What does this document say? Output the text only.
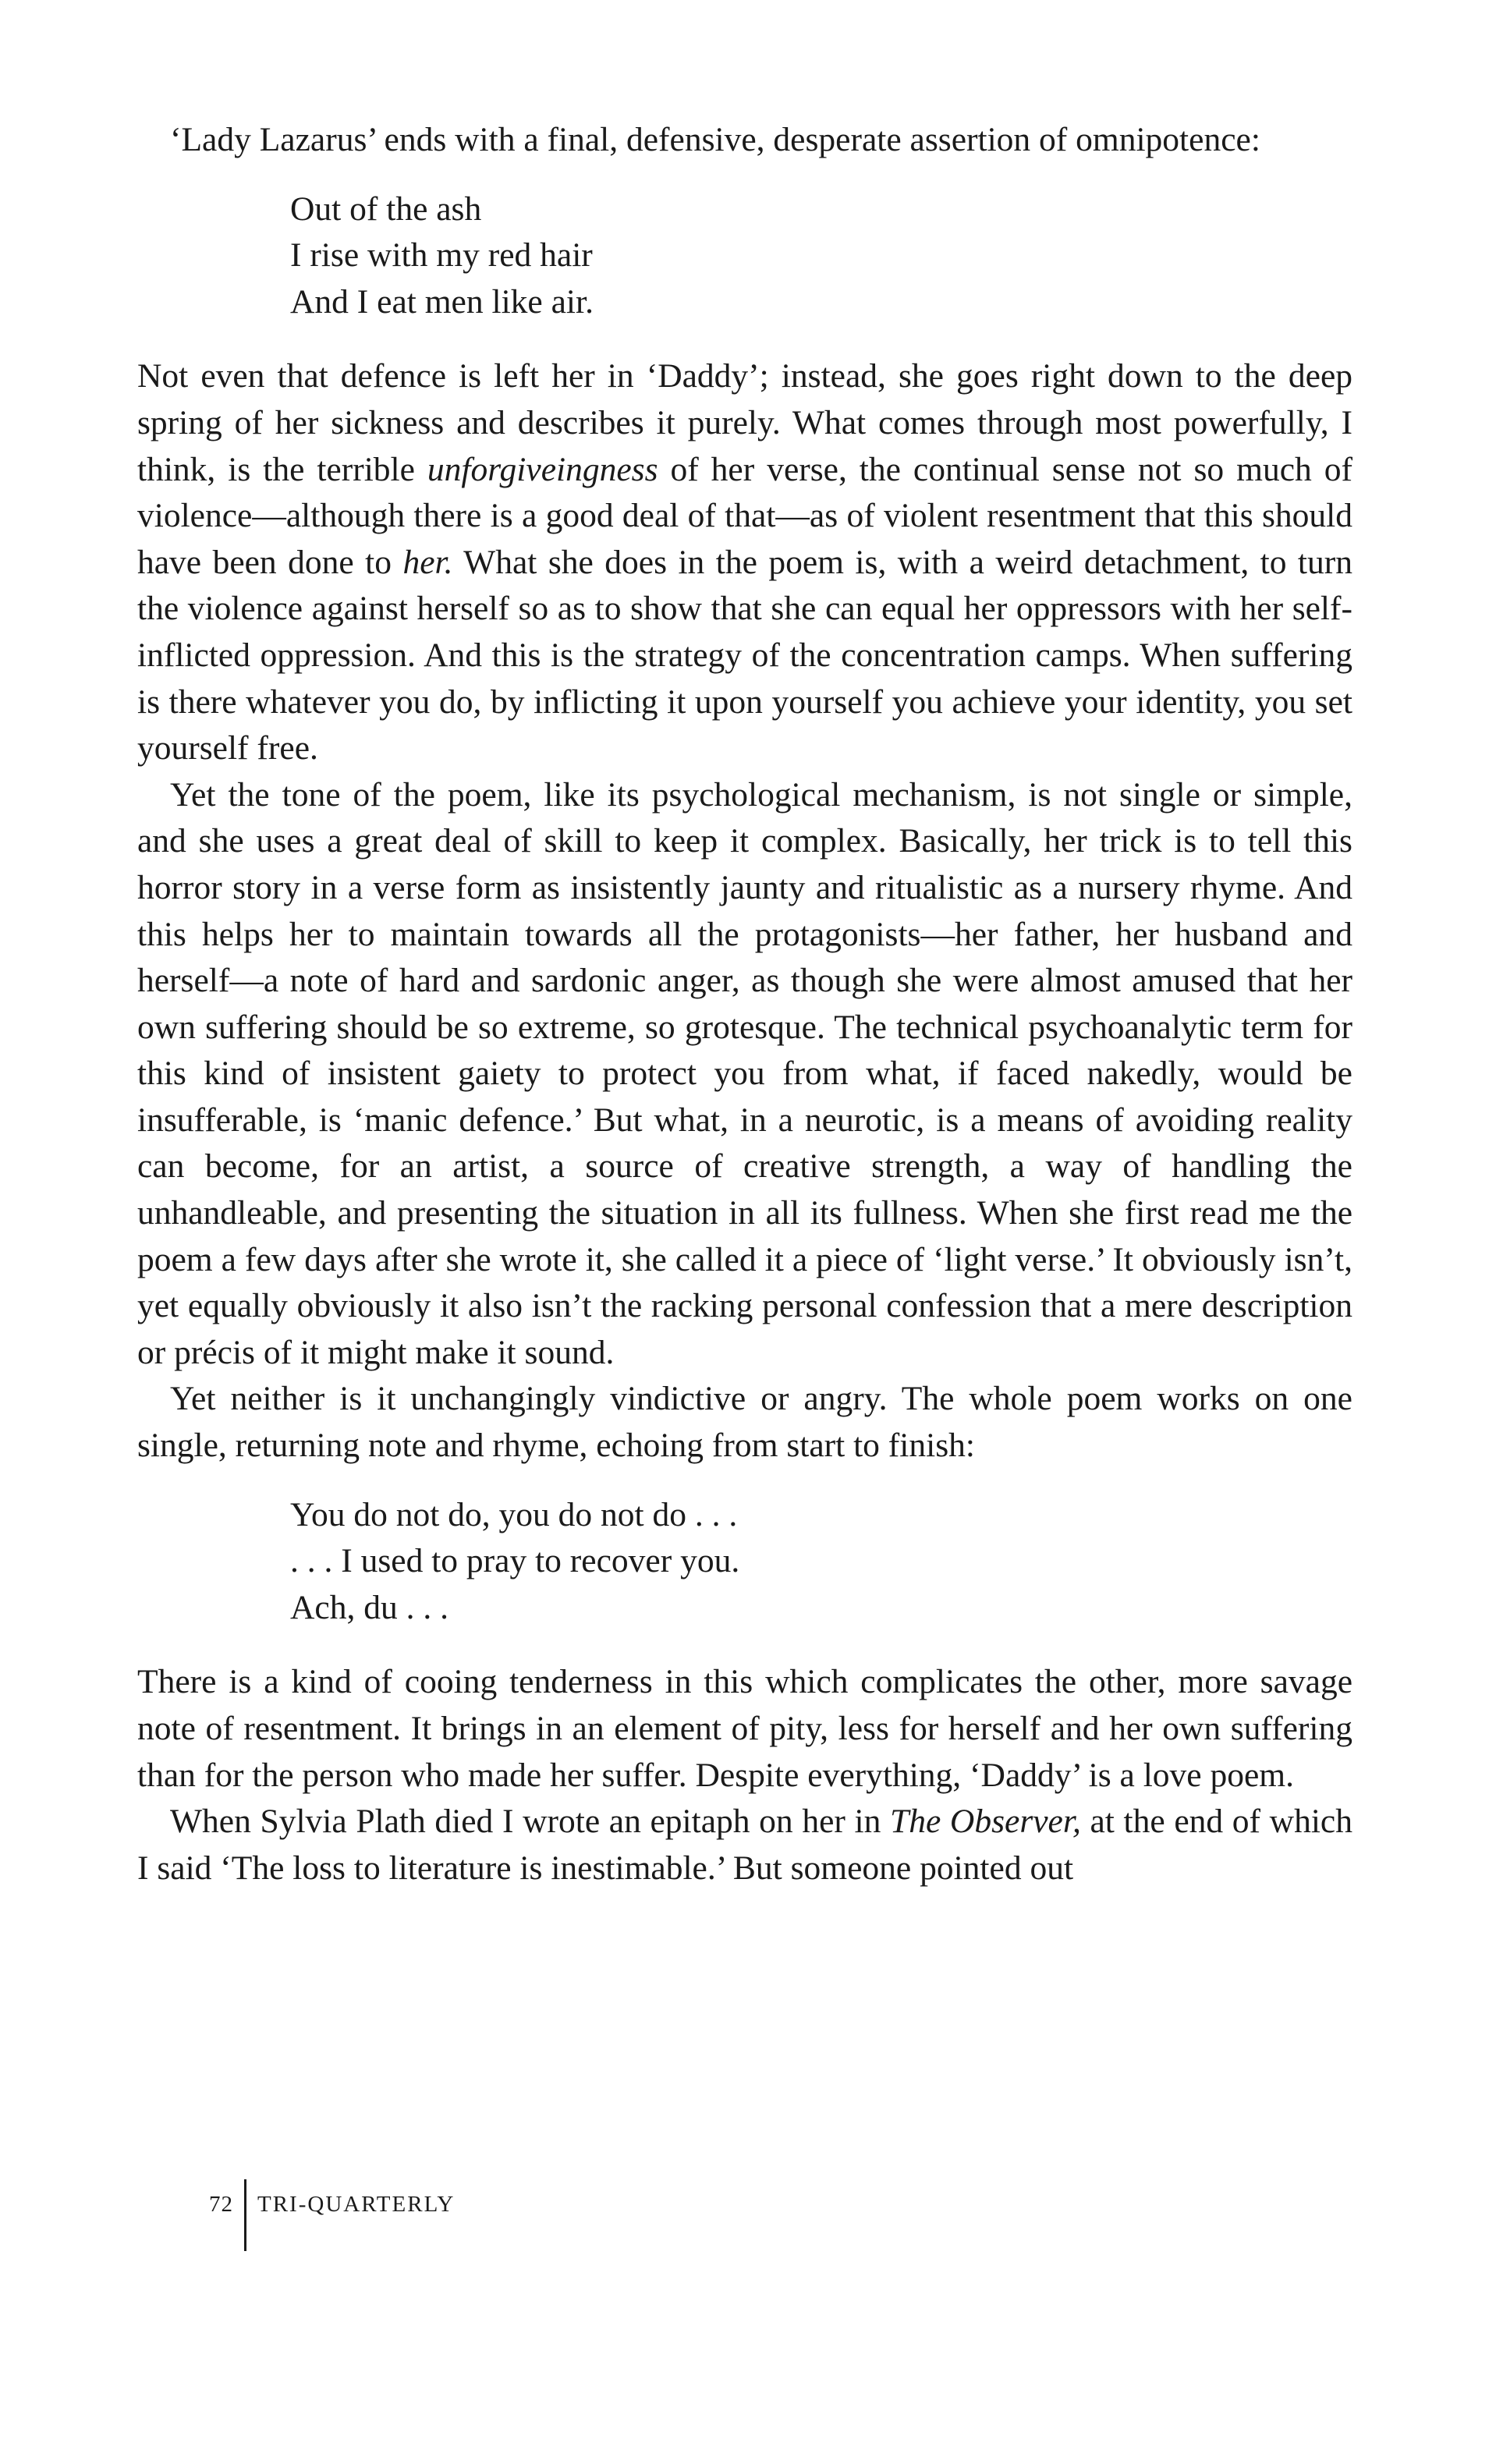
‘Lady Lazarus’ ends with a final, defensive, desperate assertion of omnipotence:

Out of the ash
I rise with my red hair
And I eat men like air.

Not even that defence is left her in ‘Daddy’; instead, she goes right down to the deep spring of her sickness and describes it purely. What comes through most powerfully, I think, is the terrible unforgiveingness of her verse, the continual sense not so much of violence—although there is a good deal of that—as of violent resentment that this should have been done to her. What she does in the poem is, with a weird detachment, to turn the violence against herself so as to show that she can equal her oppressors with her self-inflicted oppression. And this is the strategy of the concentration camps. When suffering is there whatever you do, by inflicting it upon yourself you achieve your identity, you set yourself free.

Yet the tone of the poem, like its psychological mechanism, is not single or simple, and she uses a great deal of skill to keep it complex. Basically, her trick is to tell this horror story in a verse form as insistently jaunty and ritualistic as a nursery rhyme. And this helps her to maintain towards all the protagonists—her father, her husband and herself—a note of hard and sardonic anger, as though she were almost amused that her own suffering should be so extreme, so grotesque. The technical psychoanalytic term for this kind of insistent gaiety to protect you from what, if faced nakedly, would be insufferable, is ‘manic defence.’ But what, in a neurotic, is a means of avoiding reality can become, for an artist, a source of creative strength, a way of handling the unhandleable, and presenting the situation in all its fullness. When she first read me the poem a few days after she wrote it, she called it a piece of ‘light verse.’ It obviously isn’t, yet equally obviously it also isn’t the racking personal confession that a mere description or précis of it might make it sound.

Yet neither is it unchangingly vindictive or angry. The whole poem works on one single, returning note and rhyme, echoing from start to finish:

You do not do, you do not do . . .
. . . I used to pray to recover you.
Ach, du . . .

There is a kind of cooing tenderness in this which complicates the other, more savage note of resentment. It brings in an element of pity, less for herself and her own suffering than for the person who made her suffer. Despite everything, ‘Daddy’ is a love poem.

When Sylvia Plath died I wrote an epitaph on her in The Observer, at the end of which I said ‘The loss to literature is inestimable.’ But someone pointed out

72	TRI-QUARTERLY
